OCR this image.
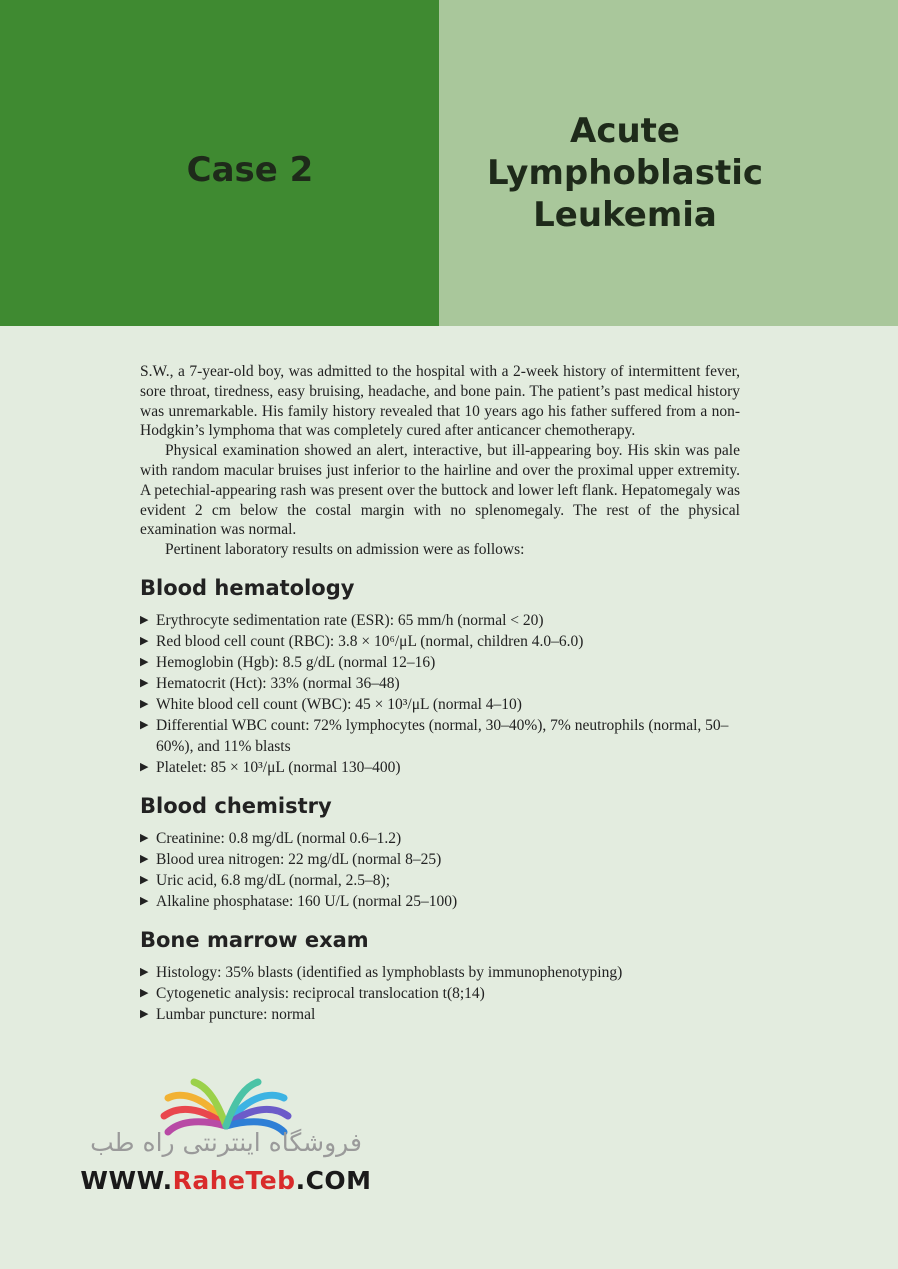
Case 2
Acute
Lymphoblastic
Leukemia

S.W., a 7-year-old boy, was admitted to the hospital with a 2-week history of intermittent fever, sore throat, tiredness, easy bruising, headache, and bone pain. The patient’s past medical history was unremarkable. His family history revealed that 10 years ago his father suffered from a non-Hodgkin’s lymphoma that was completely cured after anticancer chemotherapy.

Physical examination showed an alert, interactive, but ill-appearing boy. His skin was pale with random macular bruises just inferior to the hairline and over the proximal upper extremity. A petechial-appearing rash was present over the buttock and lower left flank. Hepatomegaly was evident 2 cm below the costal margin with no splenomegaly. The rest of the physical examination was normal.

Pertinent laboratory results on admission were as follows:

Blood hematology
▶ Erythrocyte sedimentation rate (ESR): 65 mm/h (normal < 20)
▶ Red blood cell count (RBC): 3.8 × 10⁶/μL (normal, children 4.0–6.0)
▶ Hemoglobin (Hgb): 8.5 g/dL (normal 12–16)
▶ Hematocrit (Hct): 33% (normal 36–48)
▶ White blood cell count (WBC): 45 × 10³/μL (normal 4–10)
▶ Differential WBC count: 72% lymphocytes (normal, 30–40%), 7% neutrophils (normal, 50–60%), and 11% blasts
▶ Platelet: 85 × 10³/μL (normal 130–400)
Blood chemistry
▶ Creatinine: 0.8 mg/dL (normal 0.6–1.2)
▶ Blood urea nitrogen: 22 mg/dL (normal 8–25)
▶ Uric acid, 6.8 mg/dL (normal, 2.5–8);
▶ Alkaline phosphatase: 160 U/L (normal 25–100)
Bone marrow exam
▶ Histology: 35% blasts (identified as lymphoblasts by immunophenotyping)
▶ Cytogenetic analysis: reciprocal translocation t(8;14)
▶ Lumbar puncture: normal
فروشگاه اینترنتی راه طب
WWW.RaheTeb.COM
